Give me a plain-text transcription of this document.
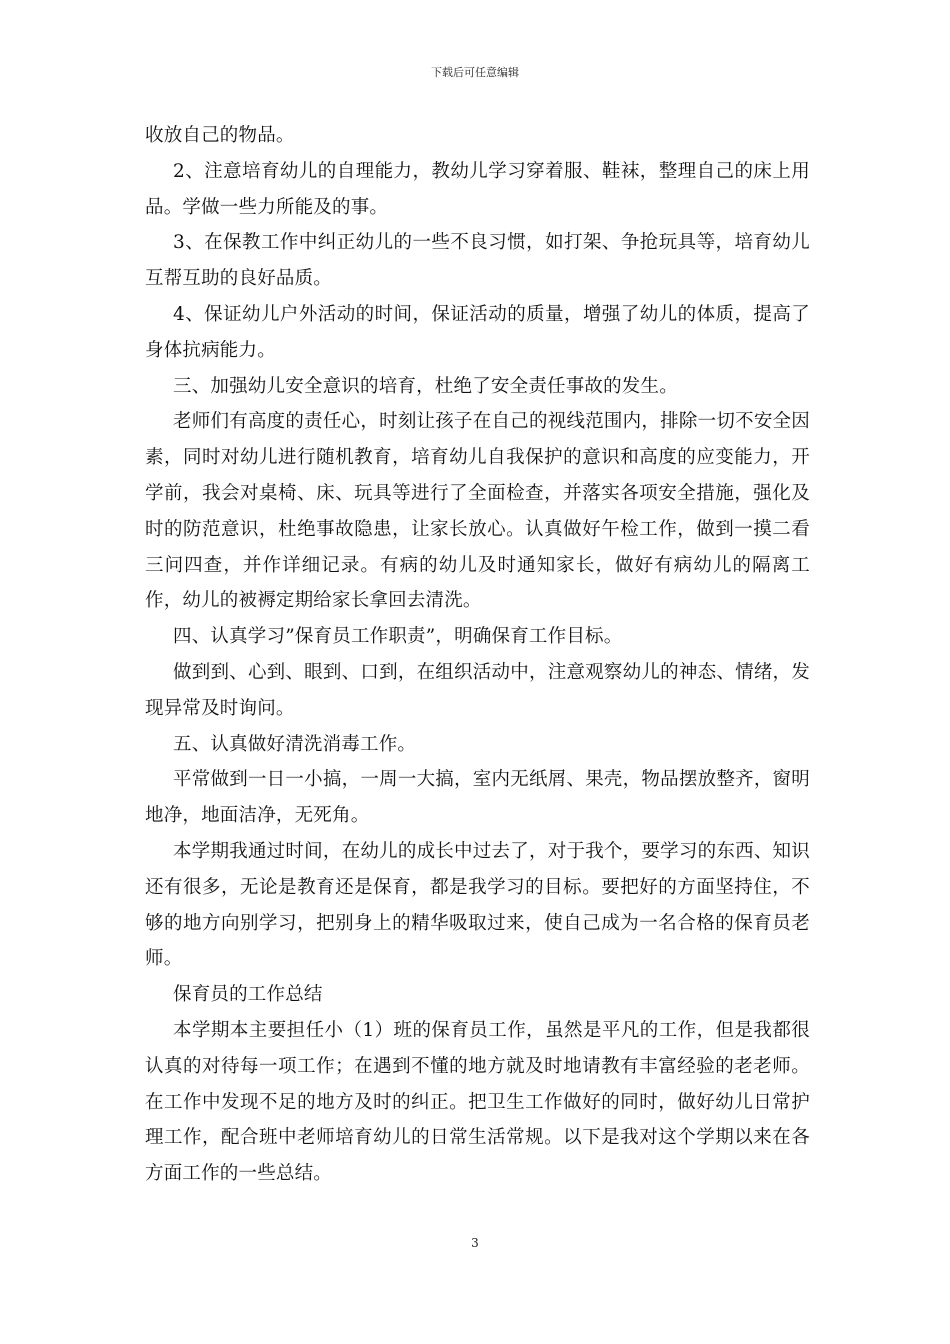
下载后可任意编辑

收放自己的物品。

2、注意培育幼儿的自理能力，教幼儿学习穿着服、鞋袜，整理自己的床上用品。学做一些力所能及的事。

3、在保教工作中纠正幼儿的一些不良习惯，如打架、争抢玩具等，培育幼儿互帮互助的良好品质。

4、保证幼儿户外活动的时间，保证活动的质量，增强了幼儿的体质，提高了身体抗病能力。

三、加强幼儿安全意识的培育，杜绝了安全责任事故的发生。

老师们有高度的责任心，时刻让孩子在自己的视线范围内，排除一切不安全因素，同时对幼儿进行随机教育，培育幼儿自我保护的意识和高度的应变能力，开学前，我会对桌椅、床、玩具等进行了全面检查，并落实各项安全措施，强化及时的防范意识，杜绝事故隐患，让家长放心。认真做好午检工作，做到一摸二看三问四查，并作详细记录。有病的幼儿及时通知家长，做好有病幼儿的隔离工作，幼儿的被褥定期给家长拿回去清洗。

四、认真学习”保育员工作职责”，明确保育工作目标。

做到到、心到、眼到、口到，在组织活动中，注意观察幼儿的神态、情绪，发现异常及时询问。

五、认真做好清洗消毒工作。

平常做到一日一小搞，一周一大搞，室内无纸屑、果壳，物品摆放整齐，窗明地净，地面洁净，无死角。

本学期我通过时间，在幼儿的成长中过去了，对于我个，要学习的东西、知识还有很多，无论是教育还是保育，都是我学习的目标。要把好的方面坚持住，不够的地方向别学习，把别身上的精华吸取过来，使自己成为一名合格的保育员老师。

保育员的工作总结

本学期本主要担任小（1）班的保育员工作，虽然是平凡的工作，但是我都很认真的对待每一项工作；在遇到不懂的地方就及时地请教有丰富经验的老老师。在工作中发现不足的地方及时的纠正。把卫生工作做好的同时，做好幼儿日常护理工作，配合班中老师培育幼儿的日常生活常规。以下是我对这个学期以来在各方面工作的一些总结。

3
